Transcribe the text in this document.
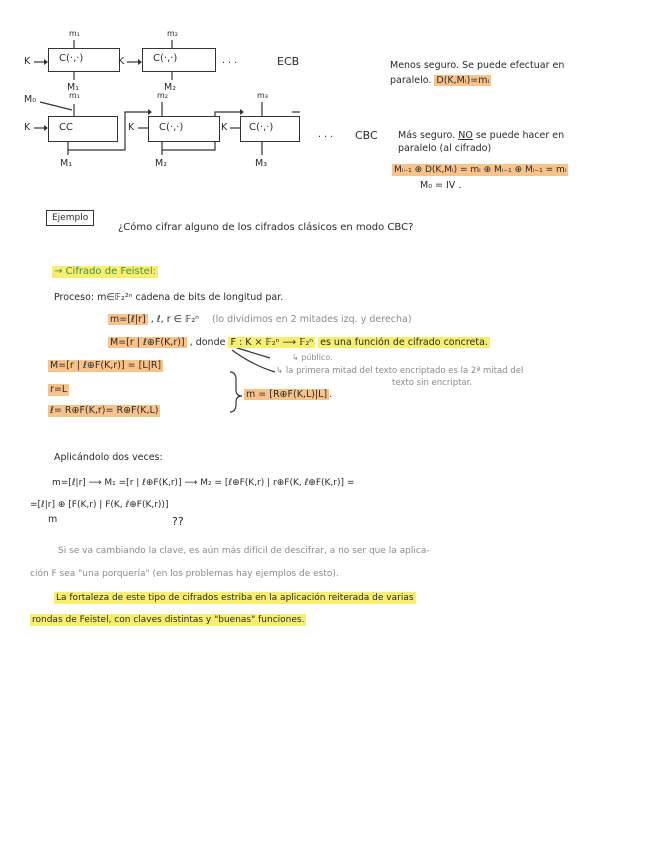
K
m₁
C(·,·)
M₁
K
m₂
C(·,·)
M₂
· · ·	ECB
M₀
K
m₁
CC
M₁
K
m₂
C(·,·)
M₂
K
m₃
C(·,·)
M₃
· · · CBC
Menos seguro. Se puede efectuar en
paralelo. D(K,Mᵢ)=mᵢ
Más seguro. NO se puede hacer en
paralelo (al cifrado)
Mᵢ₋₁ ⊕ D(K,Mᵢ) = mᵢ ⊕ Mᵢ₋₁ ⊕ Mᵢ₋₁ = mᵢ
M₀ = IV .
Ejemplo
¿Cómo cifrar alguno de los cifrados clásicos en modo CBC?
→ Cifrado de Feistel:
Proceso: m∈𝔽₂²ⁿ cadena de bits de longitud par.
m=[ℓ|r] , ℓ, r ∈ 𝔽₂ⁿ (lo dividimos en 2 mitades izq. y derecha)
M=[r | ℓ⊕F(K,r)] , donde F : K × 𝔽₂ⁿ ⟶ 𝔽₂ⁿ es una función de cifrado concreta.
↳ público.
↳ la primera mitad del texto encriptado es la 2ª mitad del
texto sin encriptar.
M=[r | ℓ⊕F(K,r)] = [L|R]
r=L
ℓ= R⊕F(K,r)= R⊕F(K,L)
m = [R⊕F(K,L)|L] .
Aplicándolo dos veces:
m=[ℓ|r] ⟶ M₁ =[r | ℓ⊕F(K,r)] ⟶ M₂ = [ℓ⊕F(K,r) | r⊕F(K, ℓ⊕F(K,r)] =
=[ℓ|r] ⊕ [F(K,r) | F(K, ℓ⊕F(K,r))]
m	??
Si se va cambiando la clave, es aún más difícil de descifrar, a no ser que la aplica-
ción F sea "una porquería" (en los problemas hay ejemplos de esto).
La fortaleza de este tipo de cifrados estriba en la aplicación reiterada de varias
rondas de Feistel, con claves distintas y "buenas" funciones.
